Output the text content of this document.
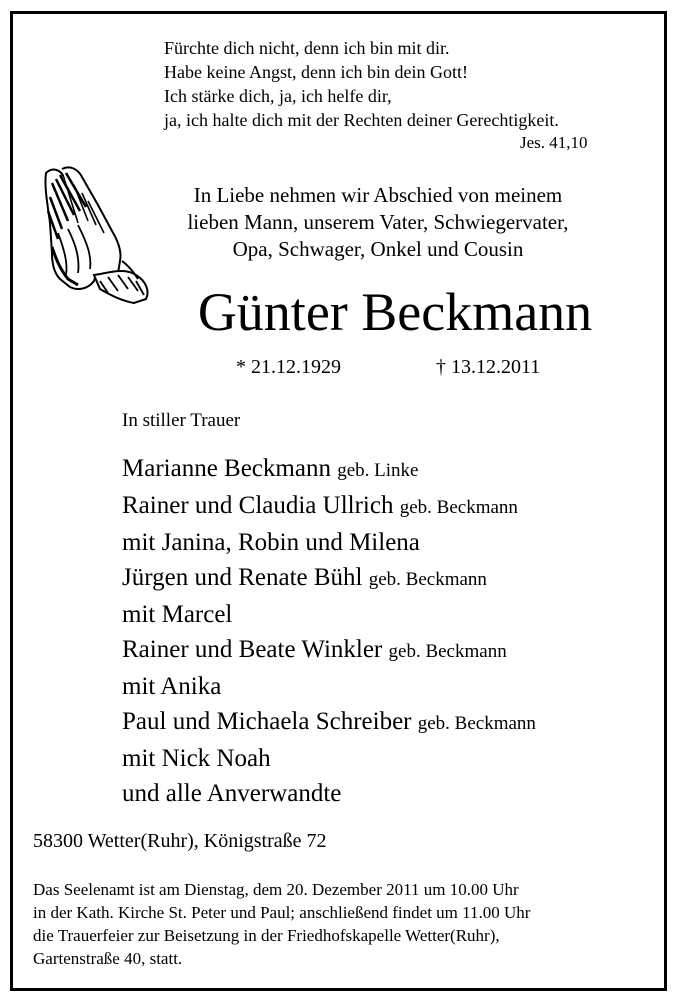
Fürchte dich nicht, denn ich bin mit dir.
Habe keine Angst, denn ich bin dein Gott!
Ich stärke dich, ja, ich helfe dir,
ja, ich halte dich mit der Rechten deiner Gerechtigkeit.
Jes. 41,10
In Liebe nehmen wir Abschied von meinem
lieben Mann, unserem Vater, Schwiegervater,
Opa, Schwager, Onkel und Cousin
Günter Beckmann
* 21.12.1929	† 13.12.2011
In stiller Trauer
Marianne Beckmann geb. Linke
Rainer und Claudia Ullrich geb. Beckmann
mit Janina, Robin und Milena
Jürgen und Renate Bühl geb. Beckmann
mit Marcel
Rainer und Beate Winkler geb. Beckmann
mit Anika
Paul und Michaela Schreiber geb. Beckmann
mit Nick Noah
und alle Anverwandte
58300 Wetter(Ruhr), Königstraße 72
Das Seelenamt ist am Dienstag, dem 20. Dezember 2011 um 10.00 Uhr
in der Kath. Kirche St. Peter und Paul; anschließend findet um 11.00 Uhr
die Trauerfeier zur Beisetzung in der Friedhofskapelle Wetter(Ruhr),
Gartenstraße 40, statt.
